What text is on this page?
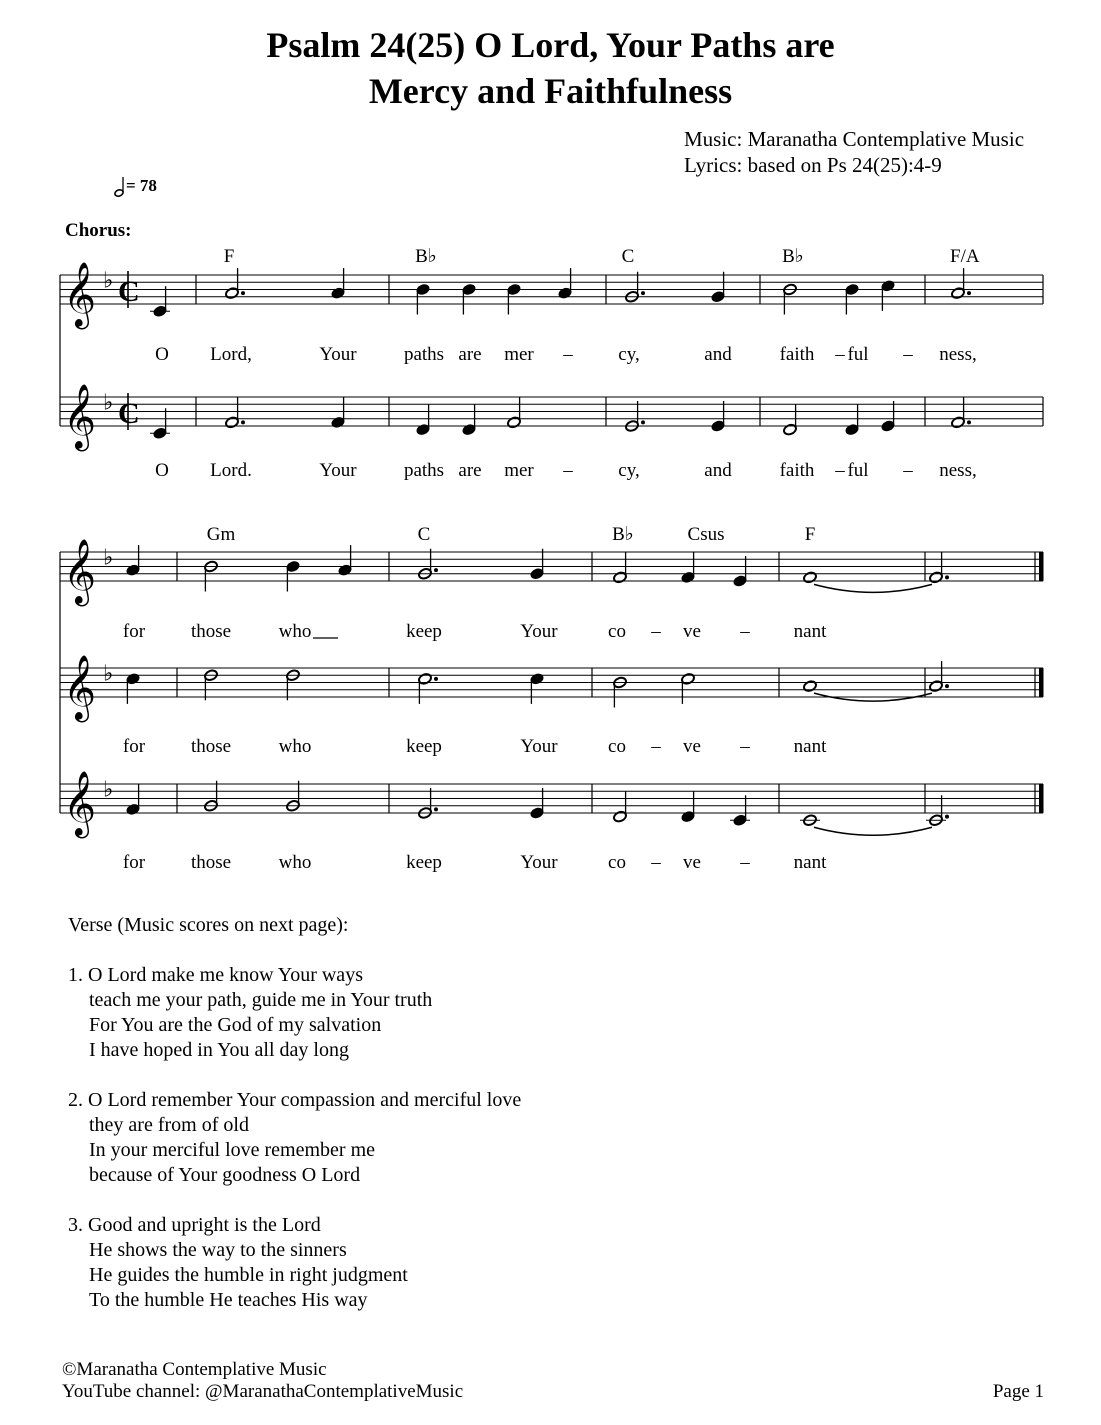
Psalm 24(25) O Lord, Your Paths are
Mercy and Faithfulness
Music: Maranatha Contemplative Music
Lyrics: based on Ps 24(25):4-9
= 78
Chorus:
𝄞 ♭ C
𝄞 ♭ C
F	B♭	C	B♭	F/A
O Lord,	Your paths are mer – cy,	and	faith – ful – ness,
O Lord.	Your paths are mer – cy,	and	faith – ful – ness,
𝄞 ♭
𝄞 ♭
𝄞 ♭
Gm	C	B♭	Csus	F
for those	who	keep	Your	co – ve – nant
for those	who	keep	Your	co – ve – nant
for those	who	keep	Your	co – ve – nant
Verse (Music scores on next page):
1. O Lord make me know Your ways
teach me your path, guide me in Your truth
For You are the God of my salvation
I have hoped in You all day long
2. O Lord remember Your compassion and merciful love
they are from of old
In your merciful love remember me
because of Your goodness O Lord
3. Good and upright is the Lord
He shows the way to the sinners
He guides the humble in right judgment
To the humble He teaches His way
©Maranatha Contemplative Music
YouTube channel: @MaranathaContemplativeMusic	Page 1
